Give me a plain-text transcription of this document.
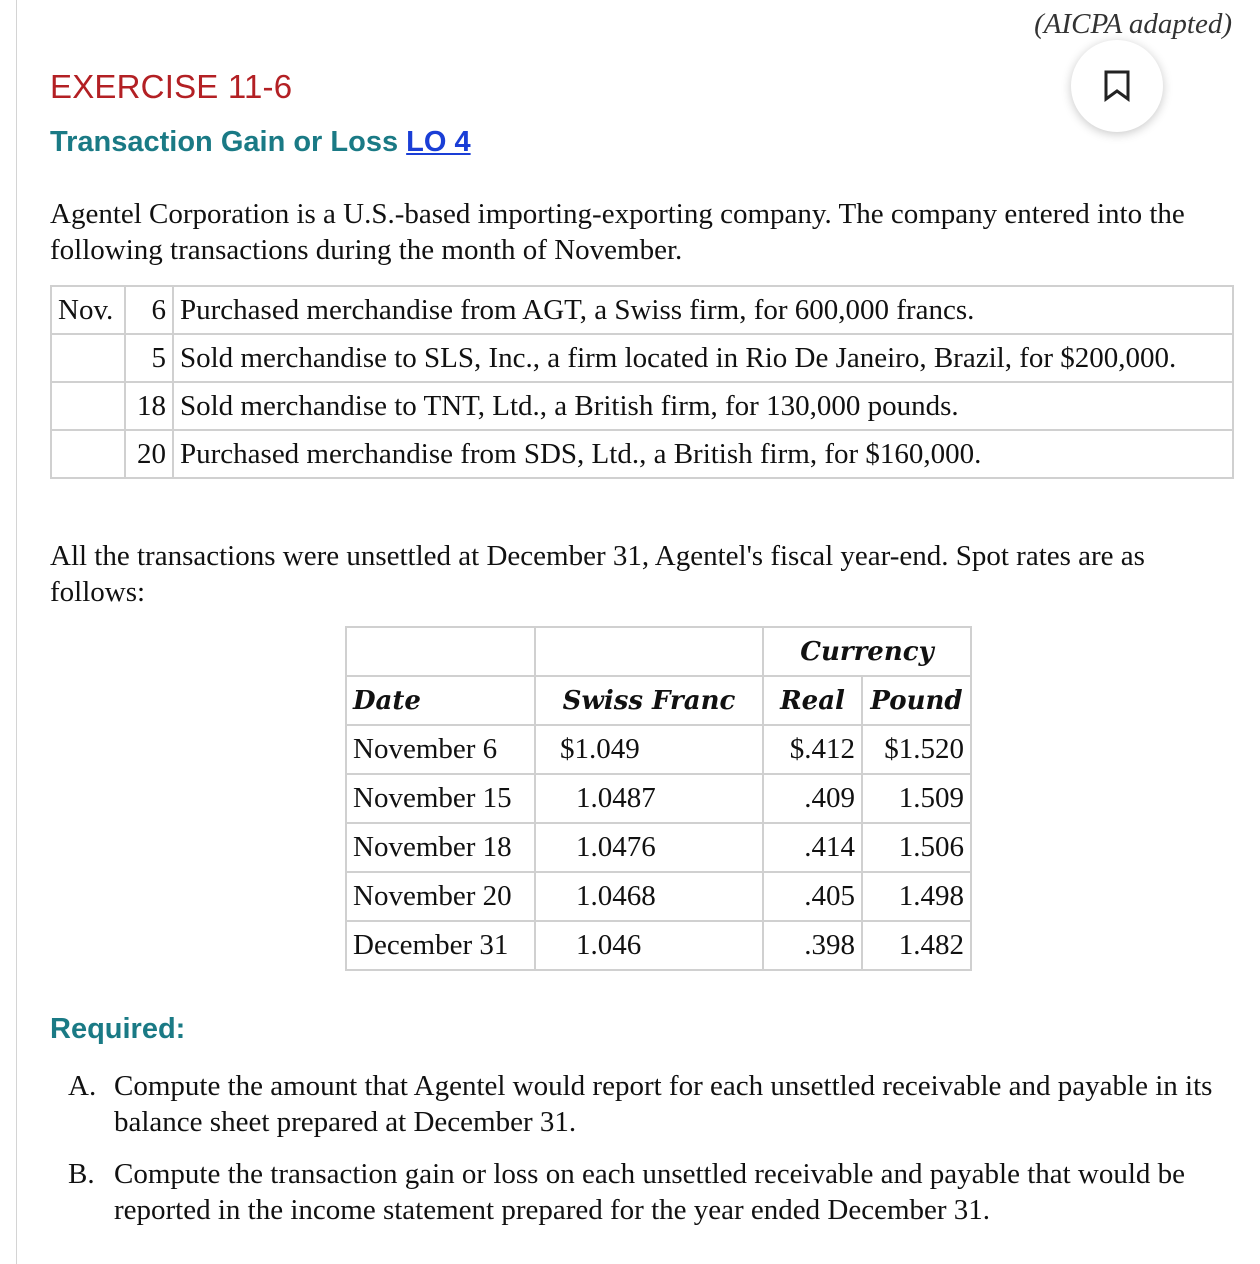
(AICPA adapted)
EXERCISE 11-6
Transaction Gain or Loss LO 4
Agentel Corporation is a U.S.-based importing-exporting company. The company entered into the following transactions during the month of November.
Nov.	6	Purchased merchandise from AGT, a Swiss firm, for 600,000 francs.
	5	Sold merchandise to SLS, Inc., a firm located in Rio De Janeiro, Brazil, for $200,000.
	18	Sold merchandise to TNT, Ltd., a British firm, for 130,000 pounds.
	20	Purchased merchandise from SDS, Ltd., a British firm, for $160,000.
All the transactions were unsettled at December 31, Agentel's fiscal year-end. Spot rates are as follows:
		Currency	
Date	Swiss Franc	Real	Pound
November 6	$1.049	$.412	$1.520
November 15	1.0487	.409	1.509
November 18	1.0476	.414	1.506
November 20	1.0468	.405	1.498
December 31	1.046	.398	1.482
Required:
A. Compute the amount that Agentel would report for each unsettled receivable and payable in its balance sheet prepared at December 31.
B. Compute the transaction gain or loss on each unsettled receivable and payable that would be reported in the income statement prepared for the year ended December 31.
